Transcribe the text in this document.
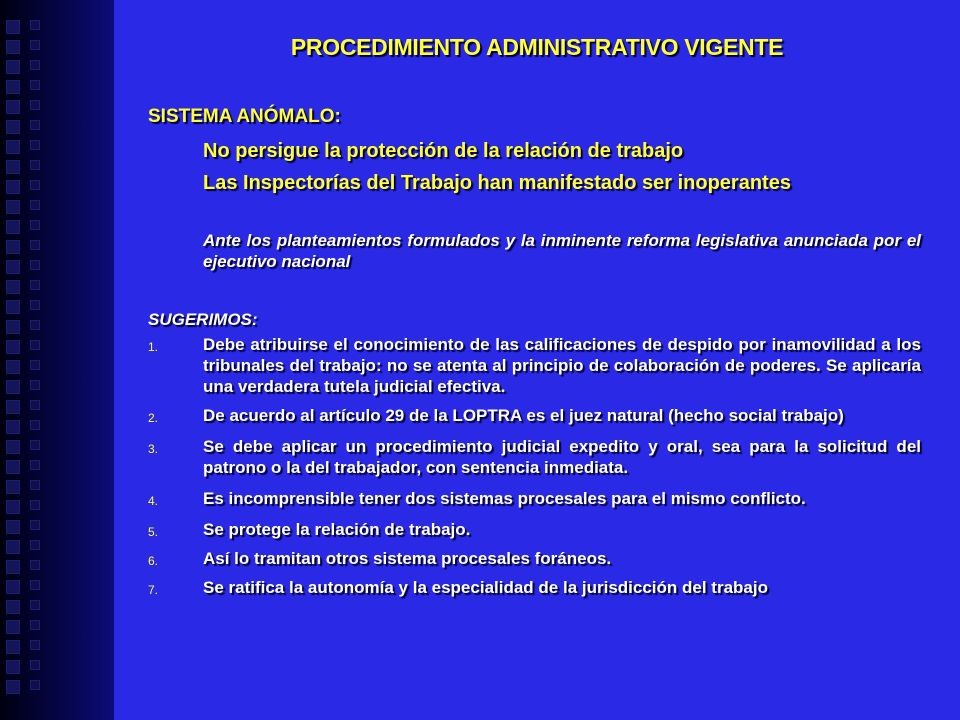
PROCEDIMIENTO ADMINISTRATIVO VIGENTE
SISTEMA ANÓMALO:
No persigue la protección de la relación de trabajo
Las Inspectorías del Trabajo han manifestado ser inoperantes
Ante los planteamientos formulados y la inminente reforma legislativa anunciada por el ejecutivo nacional
SUGERIMOS:
1.	Debe atribuirse el conocimiento de las calificaciones de despido por inamovilidad a los tribunales del trabajo: no se atenta al principio de colaboración de poderes. Se aplicaría una verdadera tutela judicial efectiva.
2.	De acuerdo al artículo 29 de la LOPTRA es el juez natural (hecho social trabajo)
3.	Se debe aplicar un procedimiento judicial expedito y oral, sea para la solicitud del patrono o la del trabajador, con sentencia inmediata.
4.	Es incomprensible tener dos sistemas procesales para el mismo conflicto.
5.	Se protege la relación de trabajo.
6.	Así lo tramitan otros sistema procesales foráneos.
7.	Se ratifica la autonomía y la especialidad de la jurisdicción del trabajo
